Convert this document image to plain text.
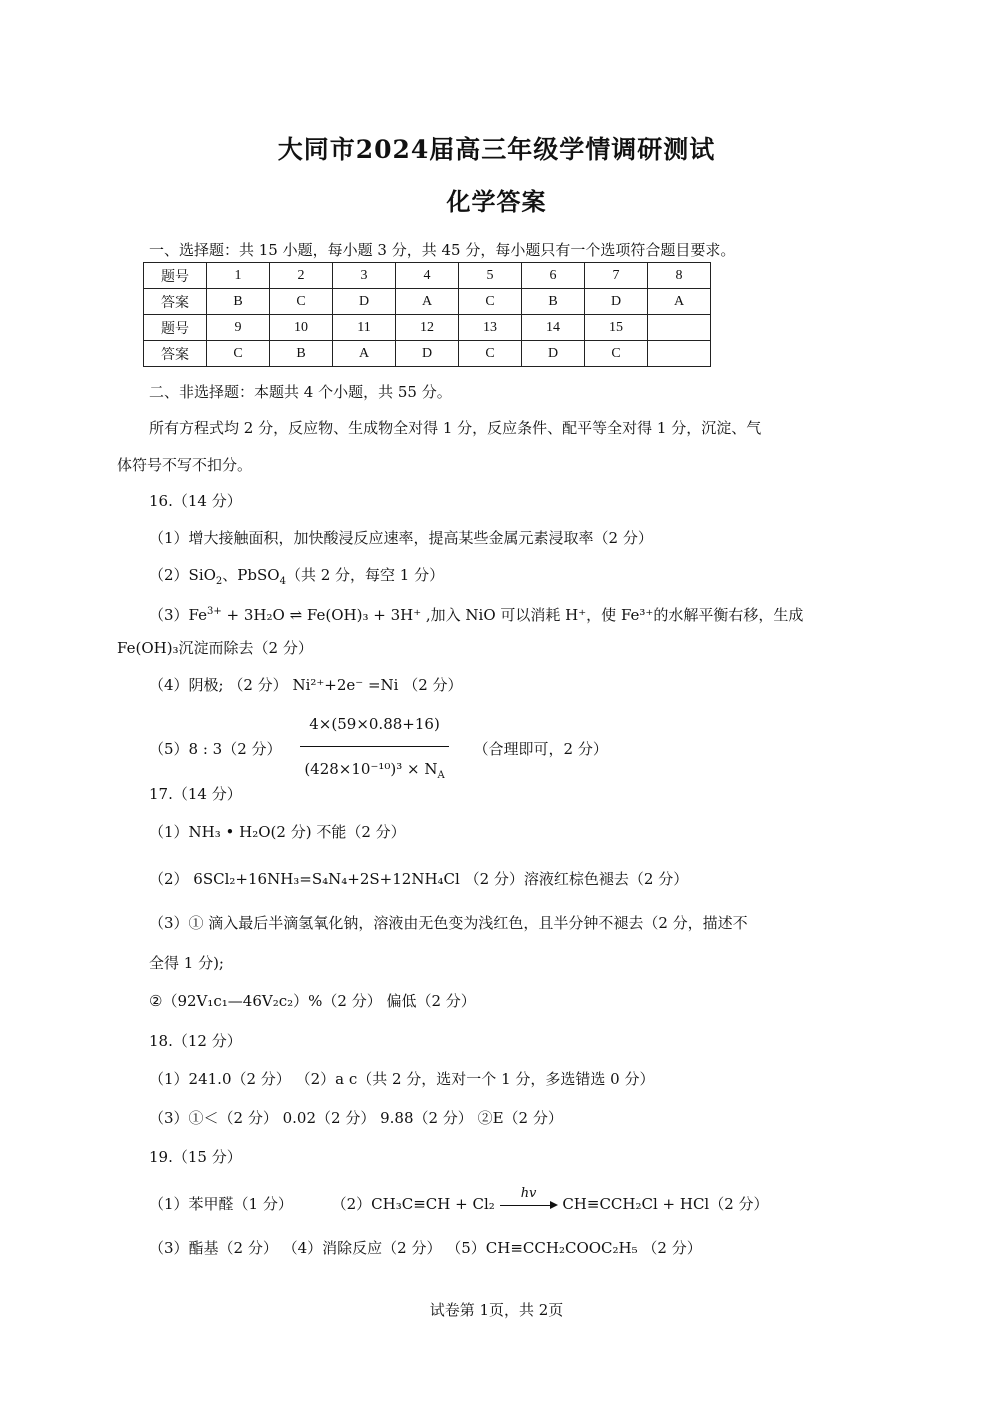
大同市2024届高三年级学情调研测试
化学答案
一、选择题：共 15 小题，每小题 3 分，共 45 分，每小题只有一个选项符合题目要求。
题号	1	2	3	4	5	6	7	8
答案	B	C	D	A	C	B	D	A
题号	9	10	11	12	13	14	15	
答案	C	B	A	D	C	D	C	
二、非选择题：本题共 4 个小题，共 55 分。
所有方程式均 2 分，反应物、生成物全对得 1 分，反应条件、配平等全对得 1 分，沉淀、气
体符号不写不扣分。
16.（14 分）
（1）增大接触面积，加快酸浸反应速率，提高某些金属元素浸取率（2 分）
（2）SiO$_2$、PbSO$_4$（共 2 分，每空 1 分）
$(3)Fe^{3+} + 3H_2O$ ⇌ Fe(OH)₃ + 3H⁺ ,加入 NiO 可以消耗 H⁺，使 Fe³⁺的水解平衡右移，生成
Fe(OH)₃沉淀而除去（2 分）
（4）阴极; （2 分） Ni²⁺+2e⁻ =Ni （2 分）
（5）8 : 3（2 分） $\frac{4\times(59\times 0.88+16)}{(428\times 10^{-10})^3 \times N_A}$ （合理即可，2 分）
17.（14 分）
（1）NH₃ • H₂O(2 分) 不能（2 分）
（2） 6SCl₂+16NH₃=S₄N₄+2S+12NH₄Cl （2 分）溶液红棕色褪去（2 分）
（3）① 滴入最后半滴氢氧化钠，溶液由无色变为浅红色，且半分钟不褪去（2 分，描述不
全得 1 分);
②（92V₁c₁—46V₂c₂）%（2 分） 偏低（2 分）
18.（12 分）
（1）241.0（2 分） （2）a c（共 2 分，选对一个 1 分，多选错选 0 分）
（3）①＜（2 分） 0.02（2 分） 9.88（2 分） ②E（2 分）
19.（15 分）
（1）苯甲醛（1 分）	（2）CH₃C≡CH + Cl₂
hv
CH≡CCH₂Cl + HCl（2 分）
（3）酯基（2 分） （4）消除反应（2 分） （5）CH≡CCH₂COOC₂H₅ （2 分）
试卷第 1页，共 2页
